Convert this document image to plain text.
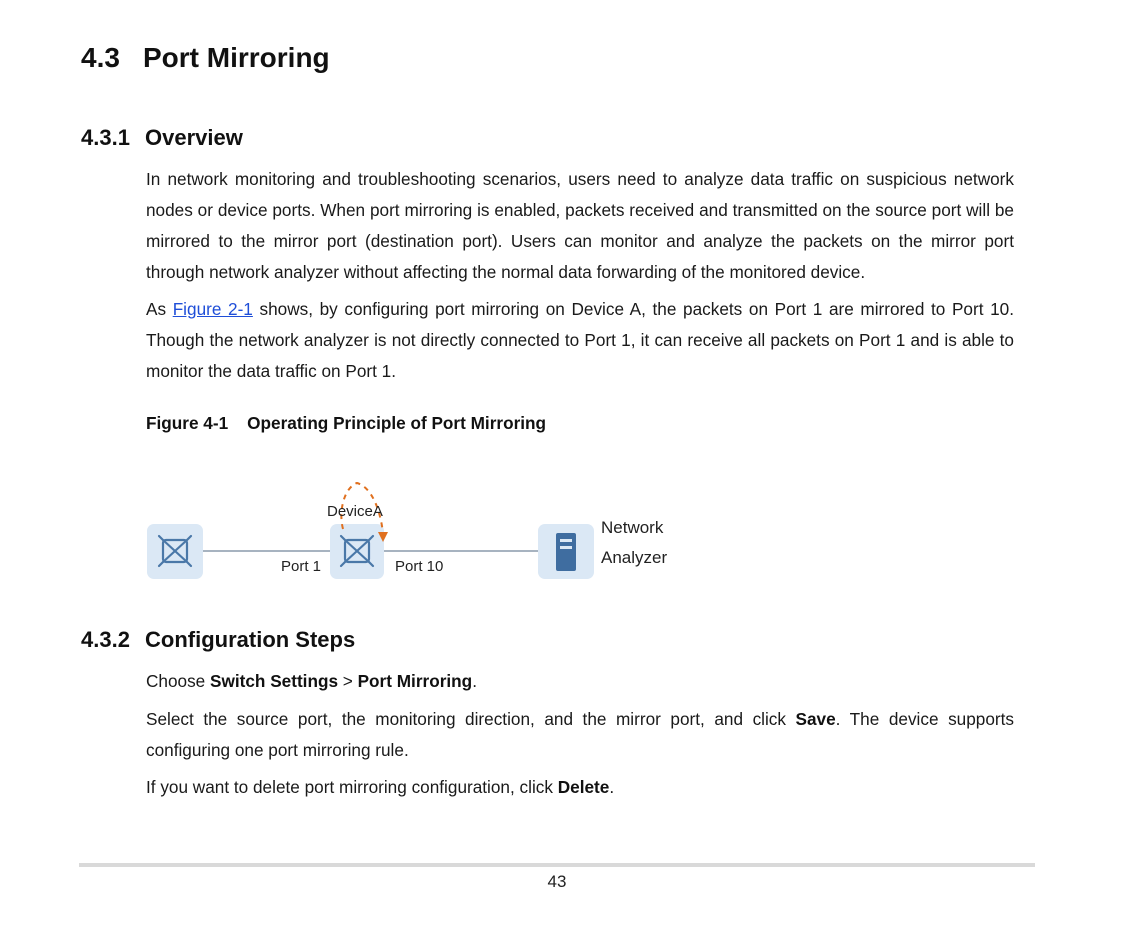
4.3 Port Mirroring
4.3.1 Overview

In network monitoring and troubleshooting scenarios, users need to analyze data traffic on suspicious network nodes or device ports. When port mirroring is enabled, packets received and transmitted on the source port will be mirrored to the mirror port (destination port). Users can monitor and analyze the packets on the mirror port through network analyzer without affecting the normal data forwarding of the monitored device.

As Figure 2-1 shows, by configuring port mirroring on Device A, the packets on Port 1 are mirrored to Port 10. Though the network analyzer is not directly connected to Port 1, it can receive all packets on Port 1 and is able to monitor the data traffic on Port 1.

Figure 4-1 Operating Principle of Port Mirroring
DeviceA
Port 1	Port 10
Network
Analyzer
4.3.2 Configuration Steps

Choose Switch Settings > Port Mirroring.

Select the source port, the monitoring direction, and the mirror port, and click Save. The device supports configuring one port mirroring rule.

If you want to delete port mirroring configuration, click Delete.

43
